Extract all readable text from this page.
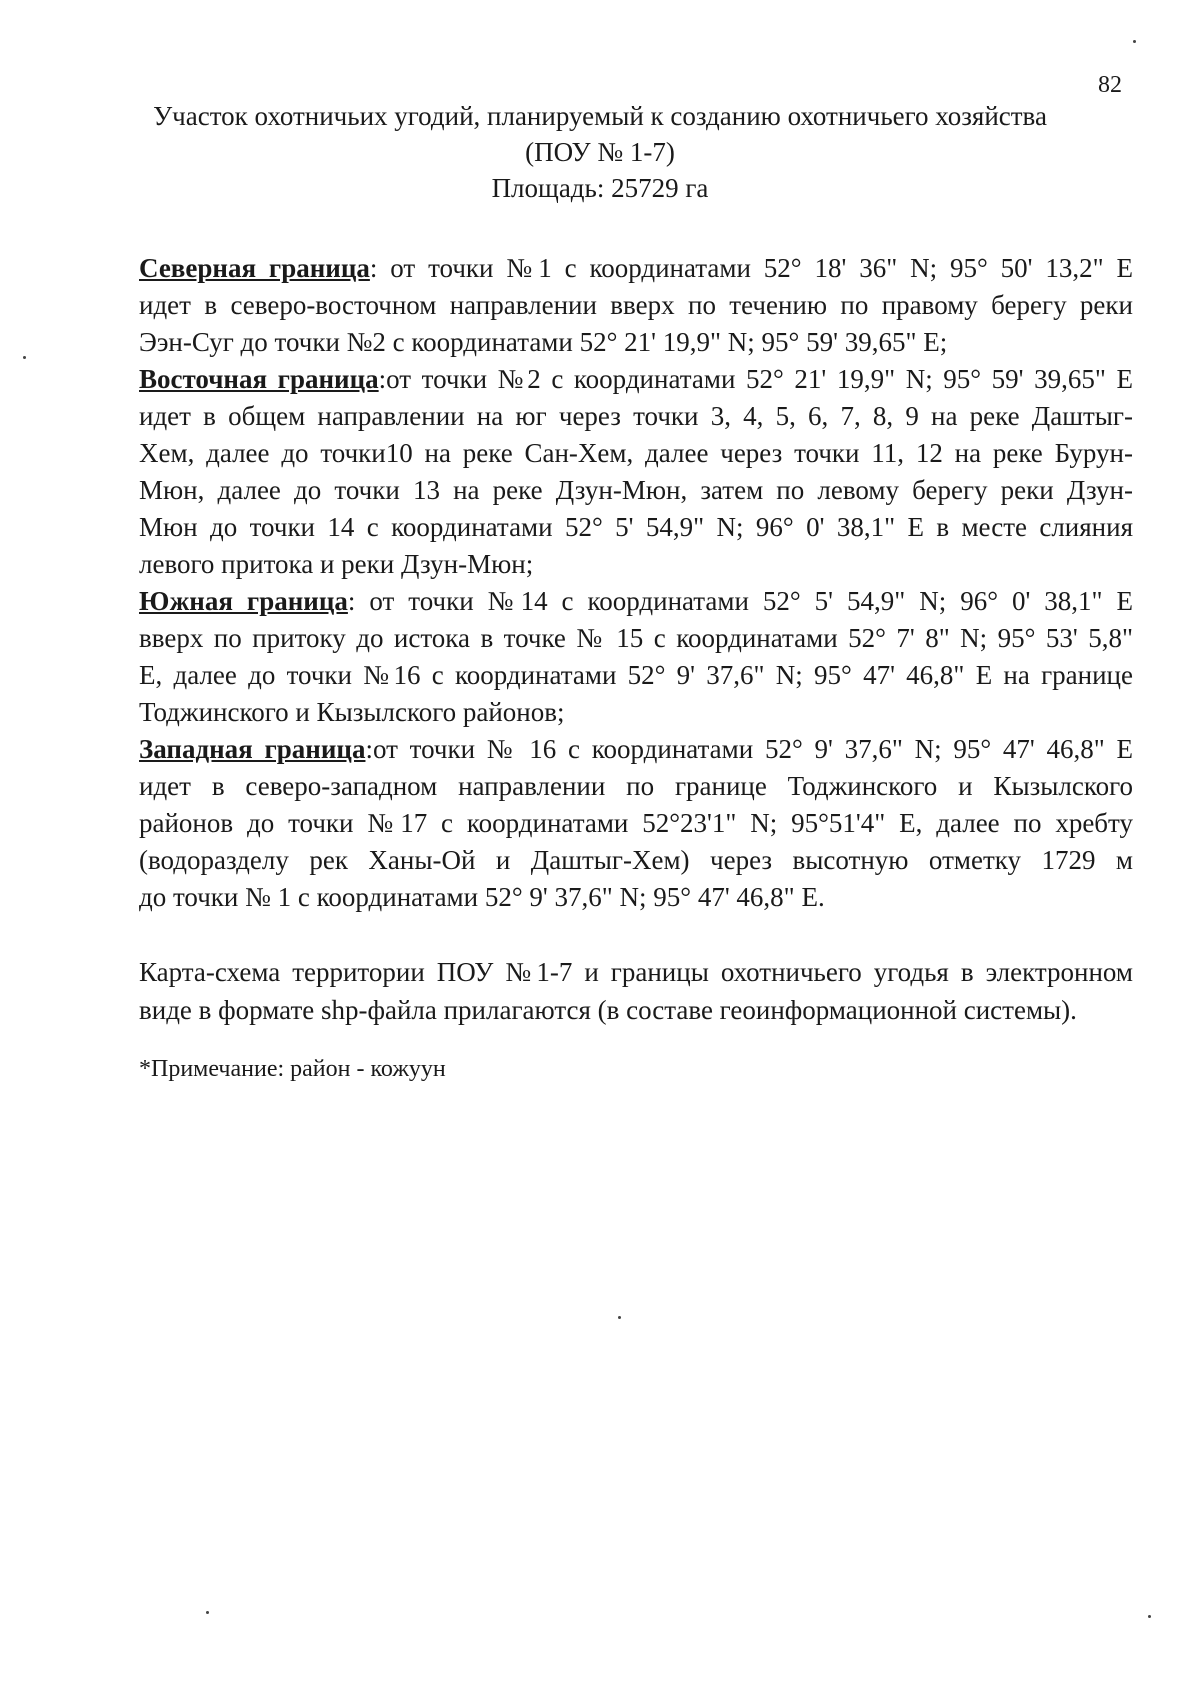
82
Участок охотничьих угодий, планируемый к созданию охотничьего хозяйства
(ПОУ № 1-7)
Площадь: 25729 га

Северная граница: от точки №1 с координатами 52° 18' 36" N; 95° 50' 13,2" E
идет в северо-восточном направлении вверх по течению по правому берегу реки
Ээн-Суг до точки №2 с координатами 52° 21' 19,9" N; 95° 59' 39,65" E;

Восточная граница:от точки №2 с координатами 52° 21' 19,9" N; 95° 59' 39,65" E
идет в общем направлении на юг через точки 3, 4, 5, 6, 7, 8, 9 на реке Даштыг-
Хем, далее до точки10 на реке Сан-Хем, далее через точки 11, 12 на реке Бурун-
Мюн, далее до точки 13 на реке Дзун-Мюн, затем по левому берегу реки Дзун-
Мюн до точки 14 с координатами 52° 5' 54,9" N; 96° 0' 38,1" E в месте слияния
левого притока и реки Дзун-Мюн;

Южная граница: от точки №14 с координатами 52° 5' 54,9" N; 96° 0' 38,1" E
вверх по притоку до истока в точке № 15 с координатами 52° 7' 8" N; 95° 53' 5,8"
E, далее до точки №16 с координатами 52° 9' 37,6" N; 95° 47' 46,8" E на границе
Тоджинского и Кызылского районов;

Западная граница:от точки № 16 с координатами 52° 9' 37,6" N; 95° 47' 46,8" E
идет в северо-западном направлении по границе Тоджинского и Кызылского
районов до точки №17 с координатами 52°23'1" N; 95°51'4" E, далее по хребту
(водоразделу рек Ханы-Ой и Даштыг-Хем) через высотную отметку 1729 м
до точки № 1 с координатами 52° 9' 37,6" N; 95° 47' 46,8" E.

Карта-схема территории ПОУ №1-7 и границы охотничьего угодья в электронном
виде в формате shp-файла прилагаются (в составе геоинформационной системы).
*Примечание: район - кожуун
